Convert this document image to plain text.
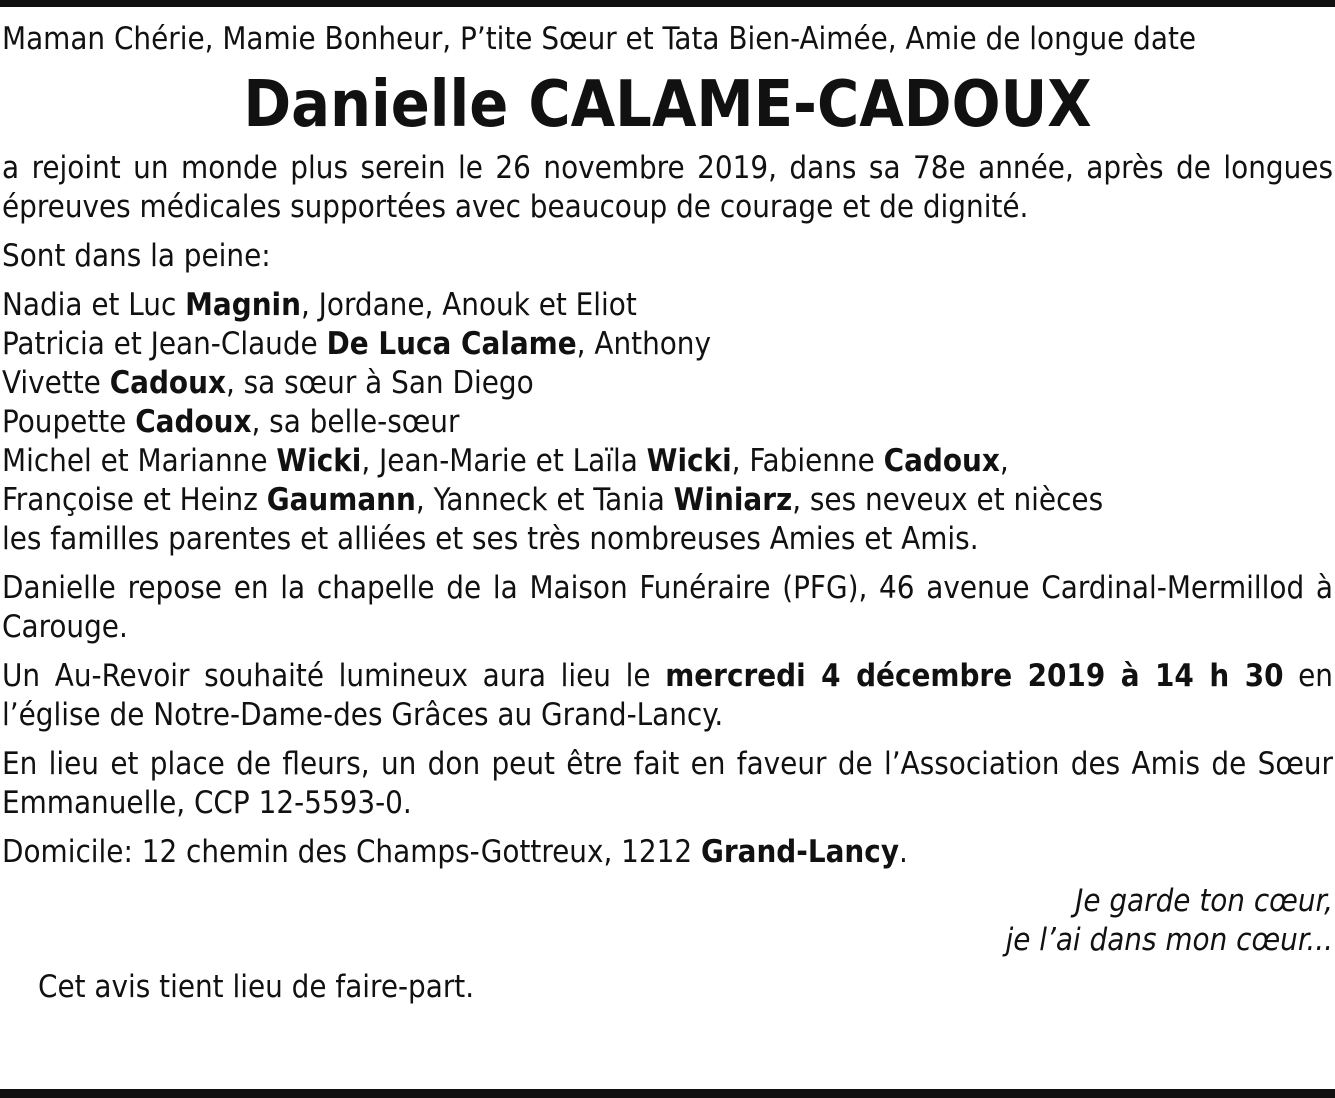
Maman Chérie, Mamie Bonheur, P’tite Sœur et Tata Bien-Aimée, Amie de longue date

Danielle CALAME-CADOUX

a rejoint un monde plus serein le 26 novembre 2019, dans sa 78e année, après de longues épreuves médicales supportées avec beaucoup de courage et de dignité.

Sont dans la peine:

Nadia et Luc Magnin, Jordane, Anouk et Eliot

Patricia et Jean-Claude De Luca Calame, Anthony

Vivette Cadoux, sa sœur à San Diego

Poupette Cadoux, sa belle-sœur

Michel et Marianne Wicki, Jean-Marie et Laïla Wicki, Fabienne Cadoux,

Françoise et Heinz Gaumann, Yanneck et Tania Winiarz, ses neveux et nièces

les familles parentes et alliées et ses très nombreuses Amies et Amis.

Danielle repose en la chapelle de la Maison Funéraire (PFG), 46 avenue Cardinal-Mermillod à Carouge.

Un Au-Revoir souhaité lumineux aura lieu le mercredi 4 décembre 2019 à 14 h 30 en l’église de Notre-Dame-des Grâces au Grand-Lancy.

En lieu et place de fleurs, un don peut être fait en faveur de l’Association des Amis de Sœur Emmanuelle, CCP 12-5593-0.

Domicile: 12 chemin des Champs-Gottreux, 1212 Grand-Lancy.

Je garde ton cœur,
je l’ai dans mon cœur...

Cet avis tient lieu de faire-part.
